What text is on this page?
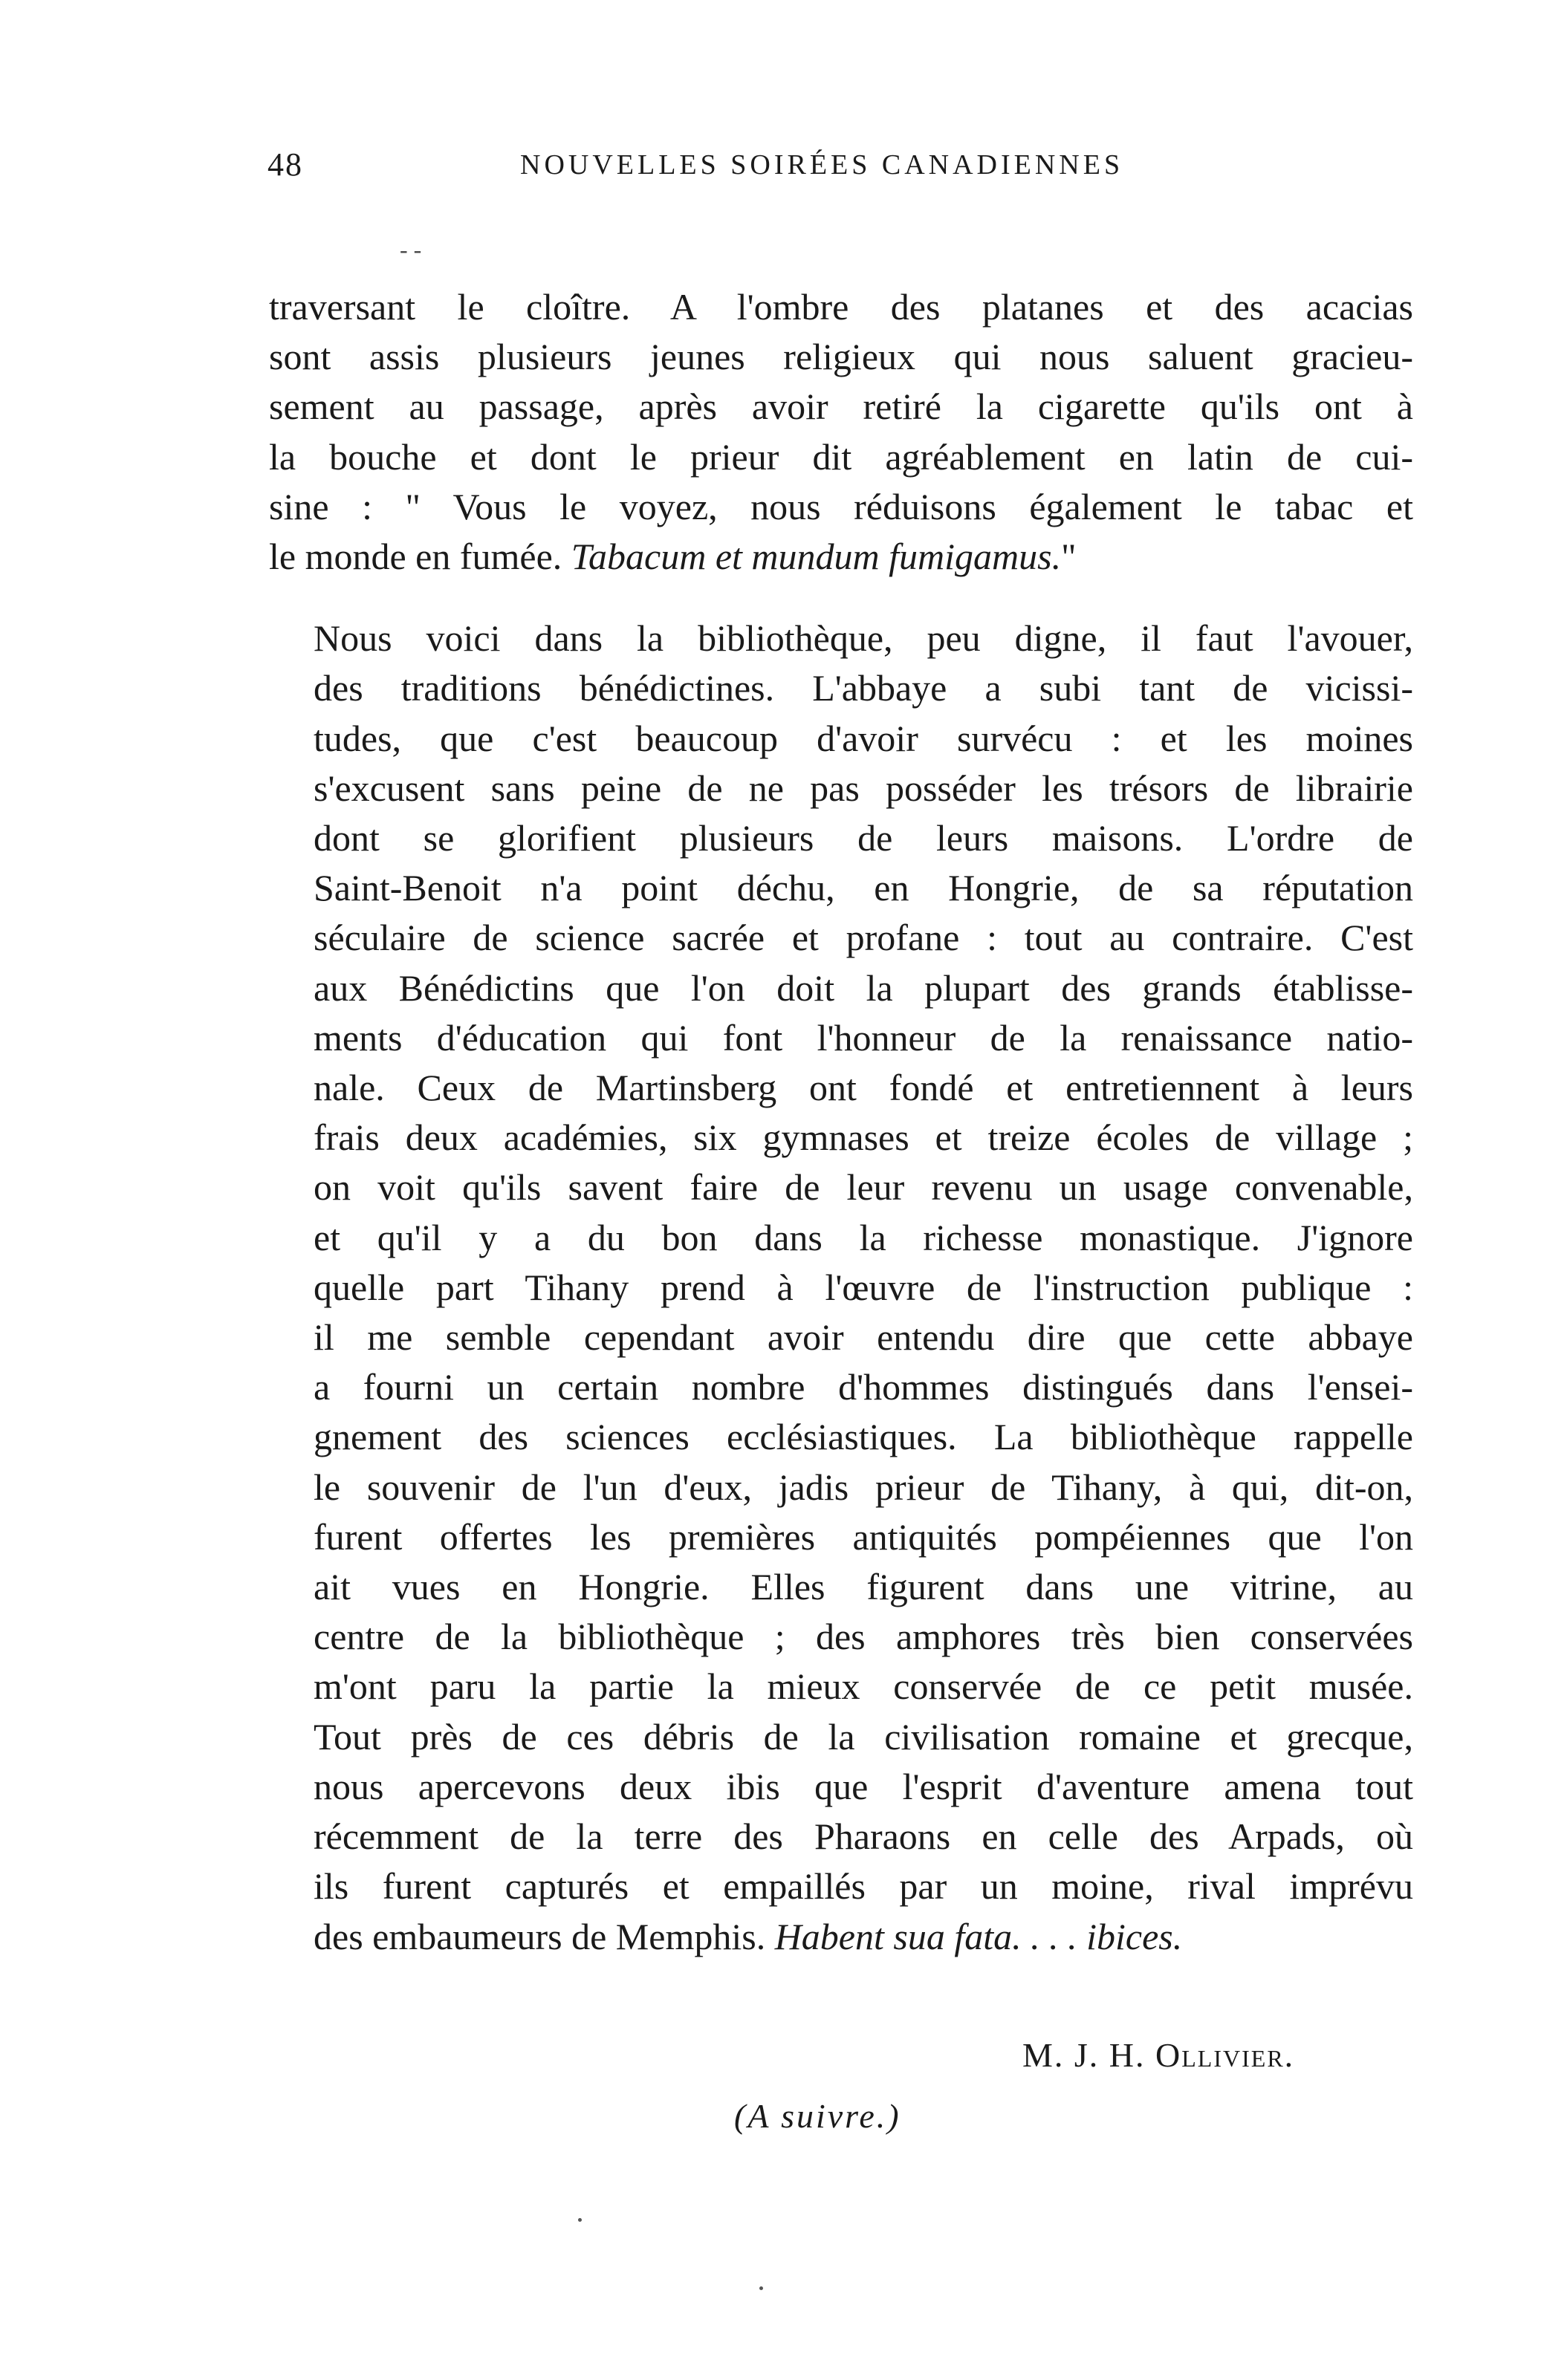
48	NOUVELLES SOIRÉES CANADIENNES
- -

traversant le cloître. A l'ombre des platanes et des acacias
sont assis plusieurs jeunes religieux qui nous saluent gracieu-
sement au passage, après avoir retiré la cigarette qu'ils ont à
la bouche et dont le prieur dit agréablement en latin de cui-
sine : " Vous le voyez, nous réduisons également le tabac et
le monde en fumée. Tabacum et mundum fumigamus."

Nous voici dans la bibliothèque, peu digne, il faut l'avouer,
des traditions bénédictines. L'abbaye a subi tant de vicissi-
tudes, que c'est beaucoup d'avoir survécu : et les moines
s'excusent sans peine de ne pas posséder les trésors de librairie
dont se glorifient plusieurs de leurs maisons. L'ordre de
Saint-Benoit n'a point déchu, en Hongrie, de sa réputation
séculaire de science sacrée et profane : tout au contraire. C'est
aux Bénédictins que l'on doit la plupart des grands établisse-
ments d'éducation qui font l'honneur de la renaissance natio-
nale. Ceux de Martinsberg ont fondé et entretiennent à leurs
frais deux académies, six gymnases et treize écoles de village ;
on voit qu'ils savent faire de leur revenu un usage convenable,
et qu'il y a du bon dans la richesse monastique. J'ignore
quelle part Tihany prend à l'œuvre de l'instruction publique :
il me semble cependant avoir entendu dire que cette abbaye
a fourni un certain nombre d'hommes distingués dans l'ensei-
gnement des sciences ecclésiastiques. La bibliothèque rappelle
le souvenir de l'un d'eux, jadis prieur de Tihany, à qui, dit-on,
furent offertes les premières antiquités pompéiennes que l'on
ait vues en Hongrie. Elles figurent dans une vitrine, au
centre de la bibliothèque ; des amphores très bien conservées
m'ont paru la partie la mieux conservée de ce petit musée.
Tout près de ces débris de la civilisation romaine et grecque,
nous apercevons deux ibis que l'esprit d'aventure amena tout
récemment de la terre des Pharaons en celle des Arpads, où
ils furent capturés et empaillés par un moine, rival imprévu
des embaumeurs de Memphis. Habent sua fata. . . . ibices.

M. J. H. Ollivier.
(A suivre.)
